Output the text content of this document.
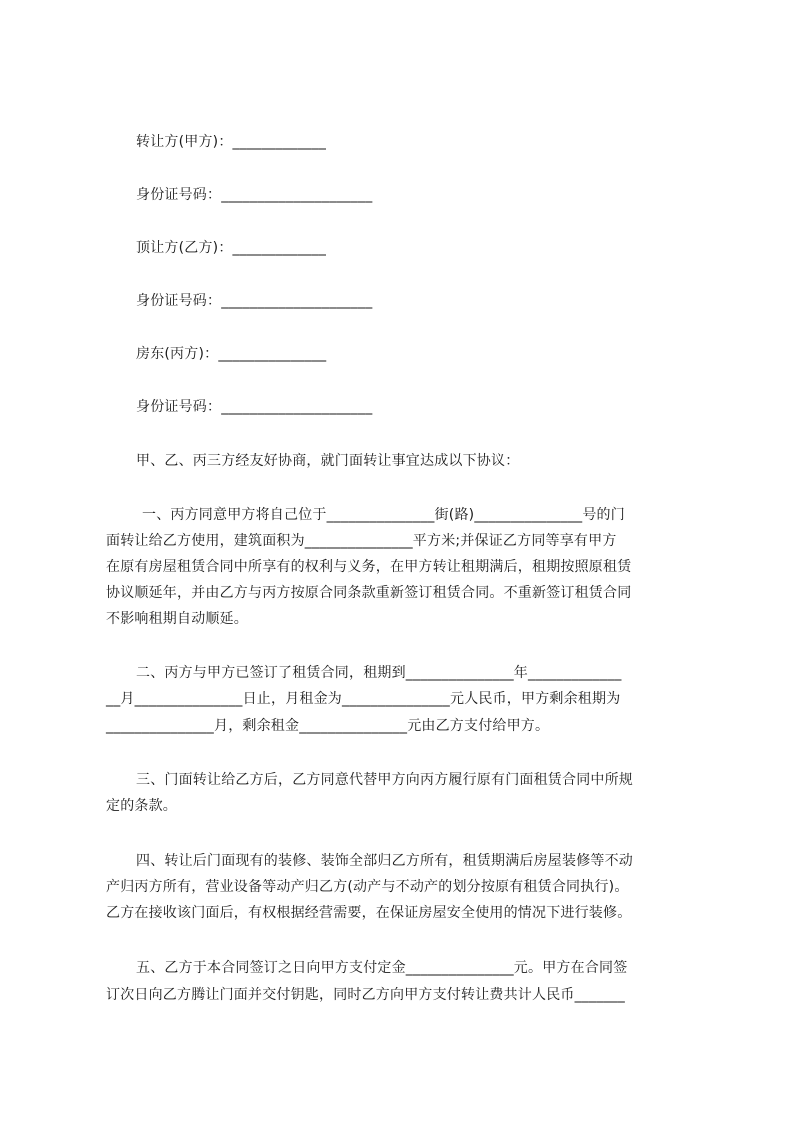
转让方(甲方)：_____________
身份证号码：_____________________
顶让方(乙方)：_____________
身份证号码：_____________________
房东(丙方)：_______________
身份证号码：_____________________
甲、乙、丙三方经友好协商，就门面转让事宜达成以下协议：
一、丙方同意甲方将自己位于_______________街(路)_______________号的门
面转让给乙方使用，建筑面积为_______________平方米;并保证乙方同等享有甲方
在原有房屋租赁合同中所享有的权利与义务，在甲方转让租期满后，租期按照原租赁
协议顺延年，并由乙方与丙方按原合同条款重新签订租赁合同。不重新签订租赁合同
不影响租期自动顺延。
二、丙方与甲方已签订了租赁合同，租期到_______________年_____________
__月_______________日止，月租金为_______________元人民币，甲方剩余租期为
_______________月，剩余租金_______________元由乙方支付给甲方。
三、门面转让给乙方后，乙方同意代替甲方向丙方履行原有门面租赁合同中所规
定的条款。
四、转让后门面现有的装修、装饰全部归乙方所有，租赁期满后房屋装修等不动
产归丙方所有，营业设备等动产归乙方(动产与不动产的划分按原有租赁合同执行)。
乙方在接收该门面后，有权根据经营需要，在保证房屋安全使用的情况下进行装修。
五、乙方于本合同签订之日向甲方支付定金_______________元。甲方在合同签
订次日向乙方腾让门面并交付钥匙，同时乙方向甲方支付转让费共计人民币_______
